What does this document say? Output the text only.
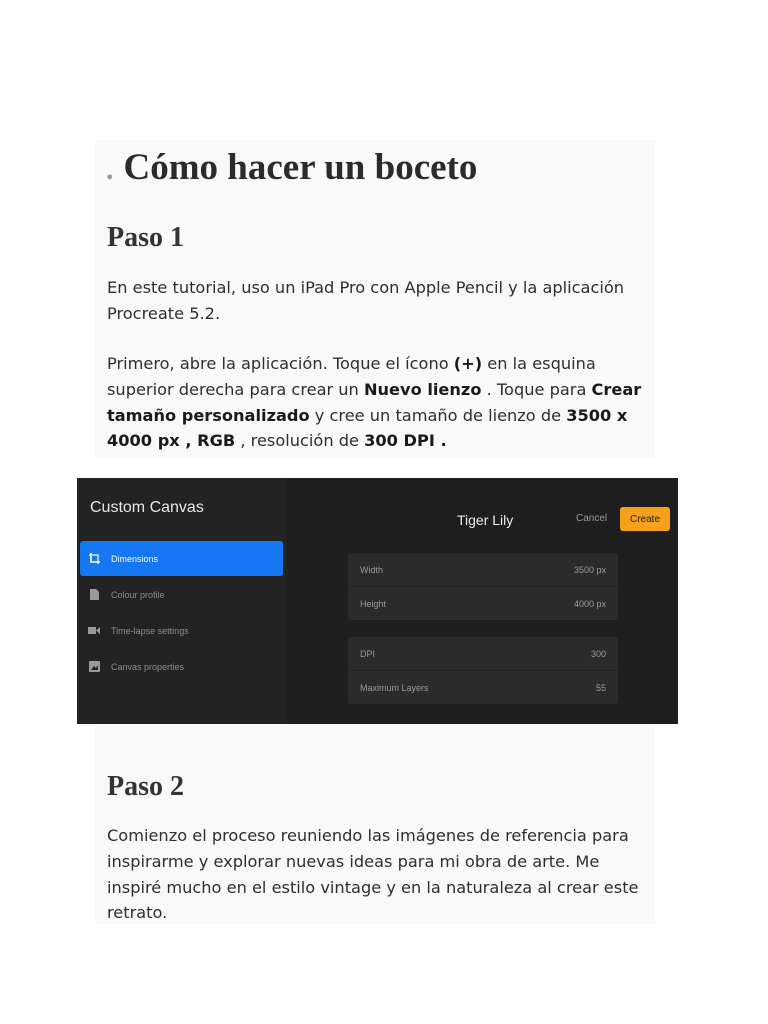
. Cómo hacer un boceto
Paso 1
En este tutorial, uso un iPad Pro con Apple Pencil y la aplicación Procreate 5.2.
Primero, abre la aplicación. Toque el ícono (+) en la esquina superior derecha para crear un Nuevo lienzo . Toque para Crear tamaño personalizado y cree un tamaño de lienzo de 3500 x 4000 px , RGB , resolución de 300 DPI .
Custom Canvas
Dimensions
Colour profile
Time-lapse settings
Canvas properties
Tiger Lily	Cancel	Create
Width	3500 px
Height	4000 px
DPI	300
Maximum Layers	55
Paso 2
Comienzo el proceso reuniendo las imágenes de referencia para inspirarme y explorar nuevas ideas para mi obra de arte. Me inspiré mucho en el estilo vintage y en la naturaleza al crear este retrato.
